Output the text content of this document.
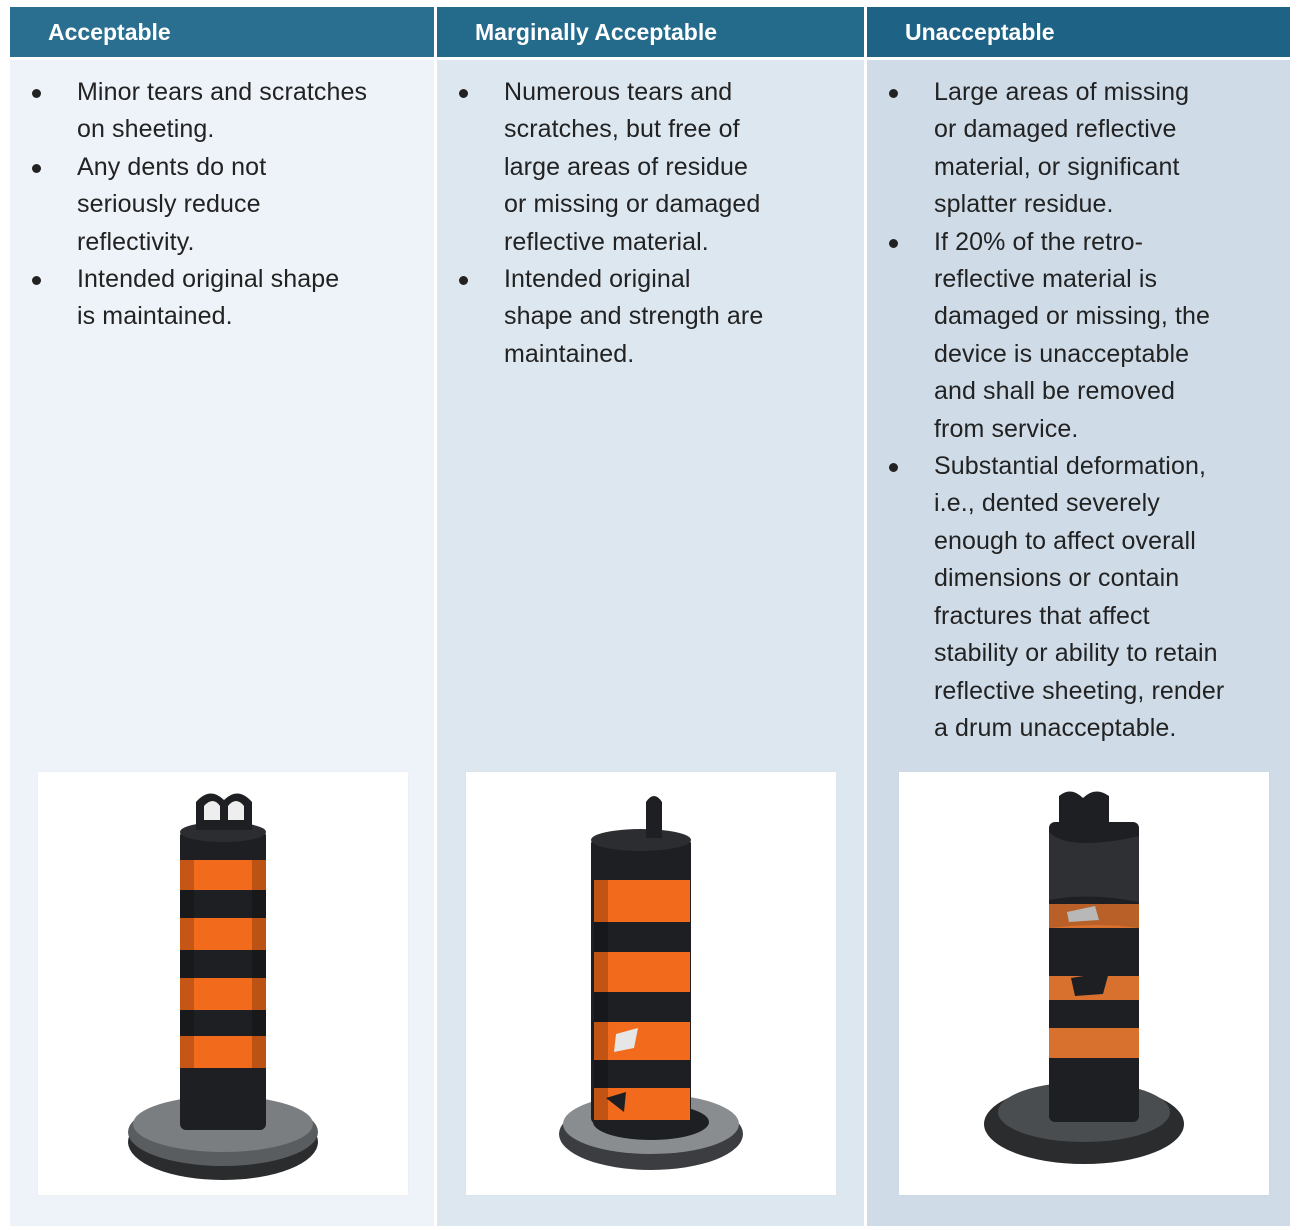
Acceptable	Marginally Acceptable	Unacceptable
Minor tears and scratches
on sheeting.
Any dents do not
seriously reduce
reflectivity.
Intended original shape
is maintained.
Numerous tears and
scratches, but free of
large areas of residue
or missing or damaged
reflective material.
Intended original
shape and strength are
maintained.
Large areas of missing
or damaged reflective
material, or significant
splatter residue.
If 20% of the retro-
reflective material is
damaged or missing, the
device is unacceptable
and shall be removed
from service.
Substantial deformation,
i.e., dented severely
enough to affect overall
dimensions or contain
fractures that affect
stability or ability to retain
reflective sheeting, render
a drum unacceptable.
